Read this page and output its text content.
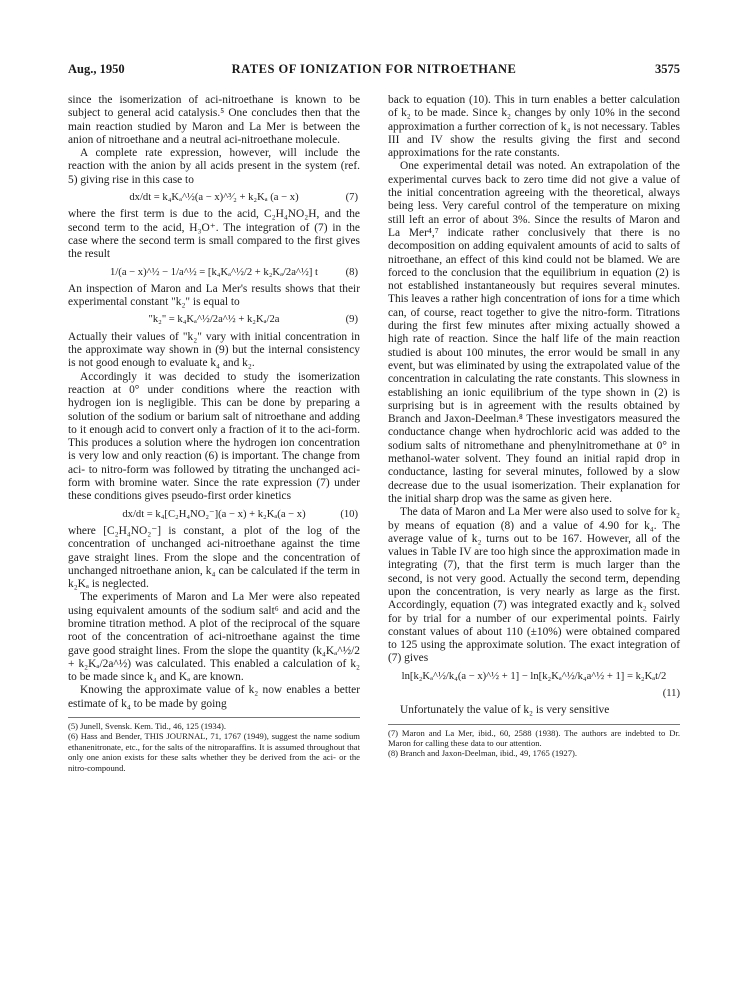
Aug., 1950	RATES OF IONIZATION FOR NITROETHANE	3575

since the isomerization of aci-nitroethane is known to be subject to general acid catalysis.⁵ One concludes then that the main reaction studied by Maron and La Mer is between the anion of nitroethane and a neutral aci-nitroethane molecule.

A complete rate expression, however, will include the reaction with the anion by all acids present in the system (ref. 5) giving rise in this case to

dx/dt = k₄Kₐ^½(a − x)^³⁄₂ + k₂Kₐ (a − x)	(7)

where the first term is due to the acid, C₂H₄NO₂H, and the second term to the acid, H₃O⁺. The integration of (7) in the case where the second term is small compared to the first gives the result

1/(a − x)^½ − 1/a^½ = [k₄Kₐ^½/2 + k₂Kₐ/2a^½] t	(8)

An inspection of Maron and La Mer's results shows that their experimental constant "k₂" is equal to

"k₂" = k₄Kₐ^½/2a^½ + k₂Kₐ/2a	(9)

Actually their values of "k₂" vary with initial concentration in the approximate way shown in (9) but the internal consistency is not good enough to evaluate k₄ and k₂.

Accordingly it was decided to study the isomerization reaction at 0° under conditions where the reaction with hydrogen ion is negligible. This can be done by preparing a solution of the sodium or barium salt of nitroethane and adding to it enough acid to convert only a fraction of it to the aci-form. This produces a solution where the hydrogen ion concentration is very low and only reaction (6) is important. The change from aci- to nitro-form was followed by titrating the unchanged aci-form with bromine water. Since the rate expression (7) under these conditions gives pseudo-first order kinetics

dx/dt = k₄[C₂H₄NO₂⁻](a − x) + k₂Kₐ(a − x)	(10)

where [C₂H₄NO₂⁻] is constant, a plot of the log of the concentration of unchanged aci-nitroethane against the time gave straight lines. From the slope and the concentration of unchanged nitroethane anion, k₄ can be calculated if the term in k₂Kₐ is neglected.

The experiments of Maron and La Mer were also repeated using equivalent amounts of the sodium salt⁶ and acid and the bromine titration method. A plot of the reciprocal of the square root of the concentration of aci-nitroethane against the time gave good straight lines. From the slope the quantity (k₄Kₐ^½/2 + k₂Kₐ/2a^½) was calculated. This enabled a calculation of k₂ to be made since k₄ and Kₐ are known.

Knowing the approximate value of k₂ now enables a better estimate of k₄ to be made by going

(5) Junell, Svensk. Kem. Tid., 46, 125 (1934).

(6) Hass and Bender, THIS JOURNAL, 71, 1767 (1949), suggest the name sodium ethanenitronate, etc., for the salts of the nitroparaffins. It is assumed throughout that only one anion exists for these salts whether they be derived from the aci- or the nitro-compound.

back to equation (10). This in turn enables a better calculation of k₂ to be made. Since k₂ changes by only 10% in the second approximation a further correction of k₄ is not necessary. Tables III and IV show the results giving the first and second approximations for the rate constants.

One experimental detail was noted. An extrapolation of the experimental curves back to zero time did not give a value of the initial concentration agreeing with the theoretical, always being less. Very careful control of the temperature on mixing still left an error of about 3%. Since the results of Maron and La Mer⁴,⁷ indicate rather conclusively that there is no decomposition on adding equivalent amounts of acid to salts of nitroethane, an effect of this kind could not be blamed. We are forced to the conclusion that the equilibrium in equation (2) is not established instantaneously but requires several minutes. This leaves a rather high concentration of ions for a time which can, of course, react together to give the nitro-form. Titrations during the first few minutes after mixing actually showed a high rate of reaction. Since the half life of the main reaction studied is about 100 minutes, the error would be small in any event, but was eliminated by using the extrapolated value of the concentration in calculating the rate constants. This slowness in establishing an ionic equilibrium of the type shown in (2) is surprising but is in agreement with the results obtained by Branch and Jaxon-Deelman.⁸ These investigators measured the conductance change when hydrochloric acid was added to the sodium salts of nitromethane and phenylnitromethane at 0° in methanol-water solvent. They found an initial rapid drop in conductance, lasting for several minutes, followed by a slow decrease due to the usual isomerization. Their explanation for the initial sharp drop was the same as given here.

The data of Maron and La Mer were also used to solve for k₂ by means of equation (8) and a value of 4.90 for k₄. The average value of k₂ turns out to be 167. However, all of the values in Table IV are too high since the approximation made in integrating (7), that the first term is much larger than the second, is not very good. Actually the second term, depending upon the concentration, is very nearly as large as the first. Accordingly, equation (7) was integrated exactly and k₂ solved for by trial for a number of our experimental points. Fairly constant values of about 110 (±10%) were obtained compared to 125 using the approximate solution. The exact integration of (7) gives

ln[k₂Kₐ^½/k₄(a − x)^½ + 1] − ln[k₂Kₐ^½/k₄a^½ + 1] = k₂Kₐt/2
(11)

Unfortunately the value of k₂ is very sensitive

(7) Maron and La Mer, ibid., 60, 2588 (1938). The authors are indebted to Dr. Maron for calling these data to our attention.

(8) Branch and Jaxon-Deelman, ibid., 49, 1765 (1927).
